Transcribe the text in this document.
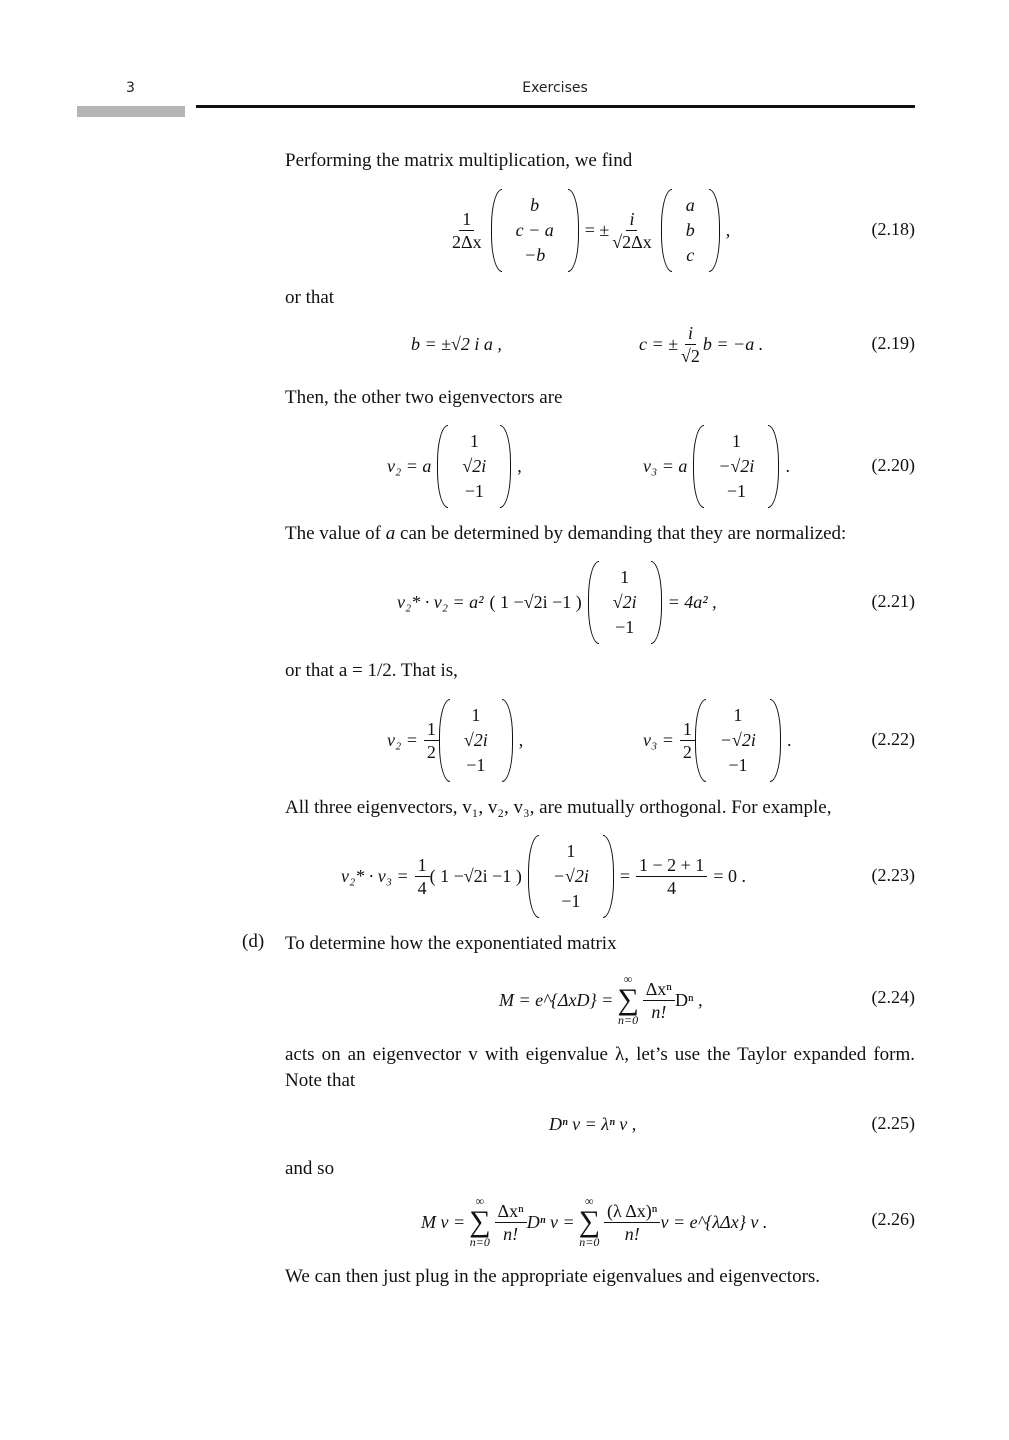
3	Exercises
Performing the matrix multiplication, we find
$\frac{1}{2\Delta x}$
b
c − a
−b
= ± $\frac{i}{√2\Delta x}$
a
b
c
,	(2.18)
or that
b = ±√2 i a ,	c = ± $\frac{i}{√2}$ b = −a .	(2.19)
Then, the other two eigenvectors are
v₂ = a
1
√2i
−1
,	v₃ = a
1
−√2i
−1
.	(2.20)
The value of a can be determined by demanding that they are normalized:
v₂* · v₂ = a² ( 1 −√2i −1 )
1
√2i
−1
= 4a² ,	(2.21)
or that a = 1/2. That is,
$v_2 = \frac{1}{2}$
1
√2i
−1
,	$v_3 = \frac{1}{2}$
1
−√2i
−1
.	(2.22)
All three eigenvectors, v₁, v₂, v₃, are mutually orthogonal. For example,
$v_2* \cdot v_3 = \frac{1}{4}$ ( 1 −√2i −1 )
1
−√2i
−1
= $\frac{1 - 2 + 1}{4} = 0$ .	(2.23)
(d) To determine how the exponentiated matrix
M = e^{ΔxD} =
∞
∑
$n=0 \frac{\text{Δxⁿ}}{n!}$ Dⁿ ,	(2.24)
acts on an eigenvector v with eigenvalue λ, let’s use the Taylor expanded form. Note that
Dⁿ v = λⁿ v ,	(2.25)
and so
M v =
∞
∑
$n=0 \frac{\text{Δxⁿ}}{n!}$ Dⁿ v =
∞
∑
$n=0 \frac{\text{(λ Δx)ⁿ}}{n!}$ v = e^{λΔx} v .	(2.26)
We can then just plug in the appropriate eigenvalues and eigenvectors.
